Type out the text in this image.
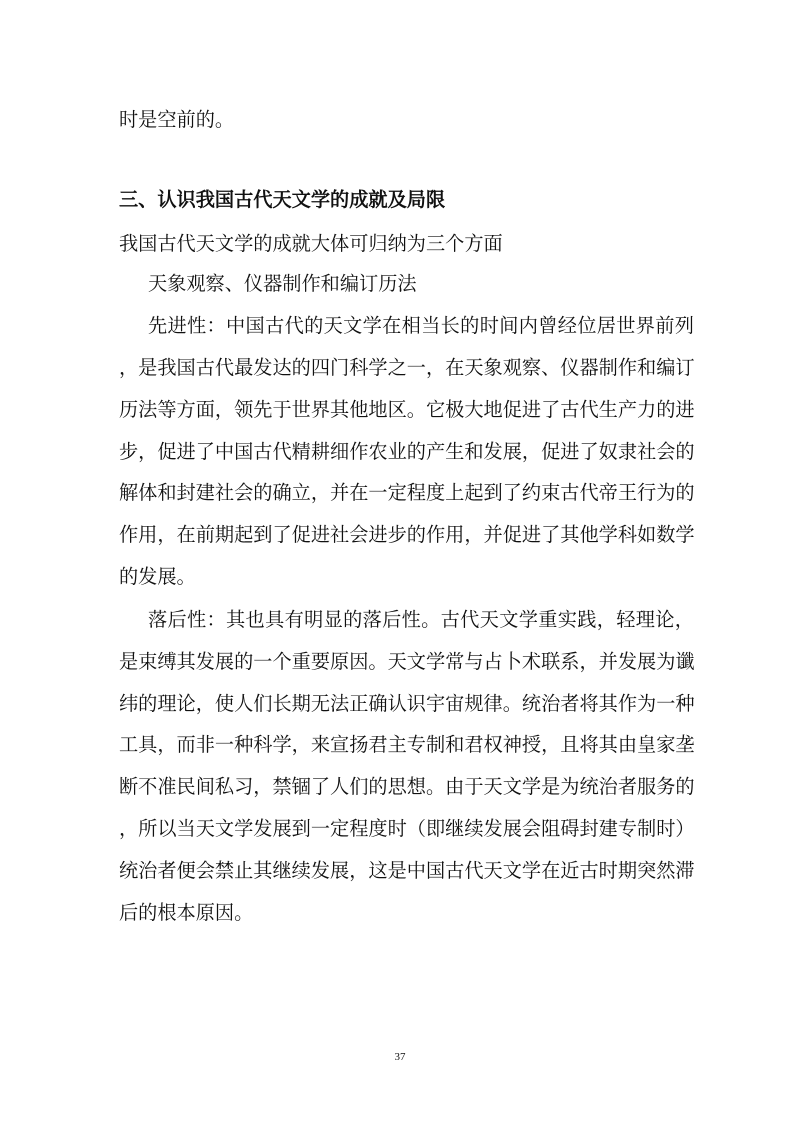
时是空前的。
三、认识我国古代天文学的成就及局限
我国古代天文学的成就大体可归纳为三个方面
天象观察、仪器制作和编订历法
先进性：中国古代的天文学在相当长的时间内曾经位居世界前列
，是我国古代最发达的四门科学之一，在天象观察、仪器制作和编订
历法等方面，领先于世界其他地区。它极大地促进了古代生产力的进
步，促进了中国古代精耕细作农业的产生和发展，促进了奴隶社会的
解体和封建社会的确立，并在一定程度上起到了约束古代帝王行为的
作用，在前期起到了促进社会进步的作用，并促进了其他学科如数学
的发展。
落后性：其也具有明显的落后性。古代天文学重实践，轻理论，
是束缚其发展的一个重要原因。天文学常与占卜术联系，并发展为谶
纬的理论，使人们长期无法正确认识宇宙规律。统治者将其作为一种
工具，而非一种科学，来宣扬君主专制和君权神授，且将其由皇家垄
断不准民间私习，禁锢了人们的思想。由于天文学是为统治者服务的
，所以当天文学发展到一定程度时（即继续发展会阻碍封建专制时）
统治者便会禁止其继续发展，这是中国古代天文学在近古时期突然滞
后的根本原因。
37
